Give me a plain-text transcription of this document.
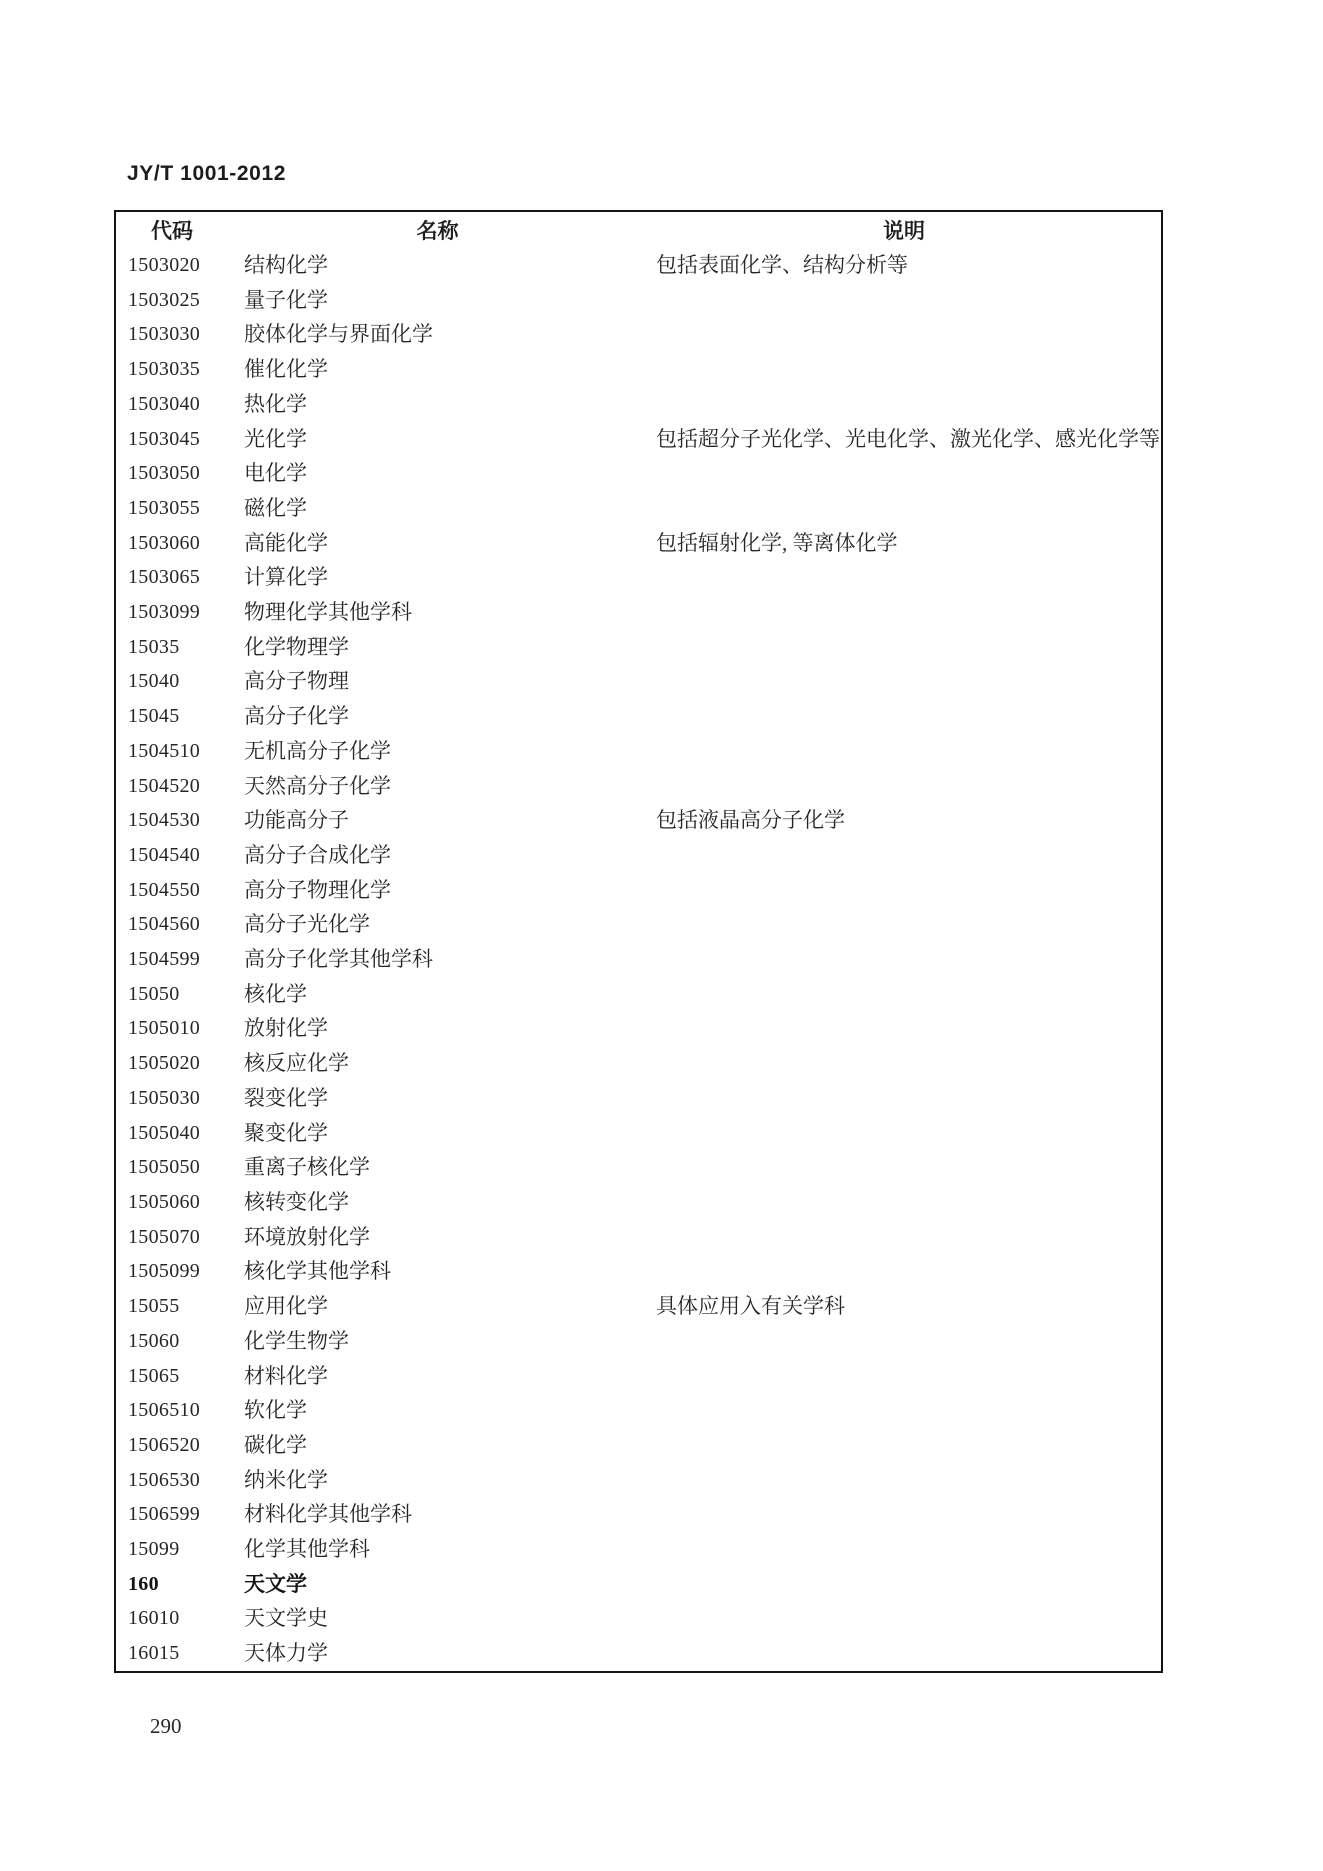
JY/T 1001-2012
代码	名称	说明
1503020	结构化学	包括表面化学、结构分析等
1503025	量子化学	
1503030	胶体化学与界面化学	
1503035	催化化学	
1503040	热化学	
1503045	光化学	包括超分子光化学、光电化学、激光化学、感光化学等
1503050	电化学	
1503055	磁化学	
1503060	高能化学	包括辐射化学, 等离体化学
1503065	计算化学	
1503099	物理化学其他学科	
15035	化学物理学	
15040	高分子物理	
15045	高分子化学	
1504510	无机高分子化学	
1504520	天然高分子化学	
1504530	功能高分子	包括液晶高分子化学
1504540	高分子合成化学	
1504550	高分子物理化学	
1504560	高分子光化学	
1504599	高分子化学其他学科	
15050	核化学	
1505010	放射化学	
1505020	核反应化学	
1505030	裂变化学	
1505040	聚变化学	
1505050	重离子核化学	
1505060	核转变化学	
1505070	环境放射化学	
1505099	核化学其他学科	
15055	应用化学	具体应用入有关学科
15060	化学生物学	
15065	材料化学	
1506510	软化学	
1506520	碳化学	
1506530	纳米化学	
1506599	材料化学其他学科	
15099	化学其他学科	
160	天文学	
16010	天文学史	
16015	天体力学	
290
